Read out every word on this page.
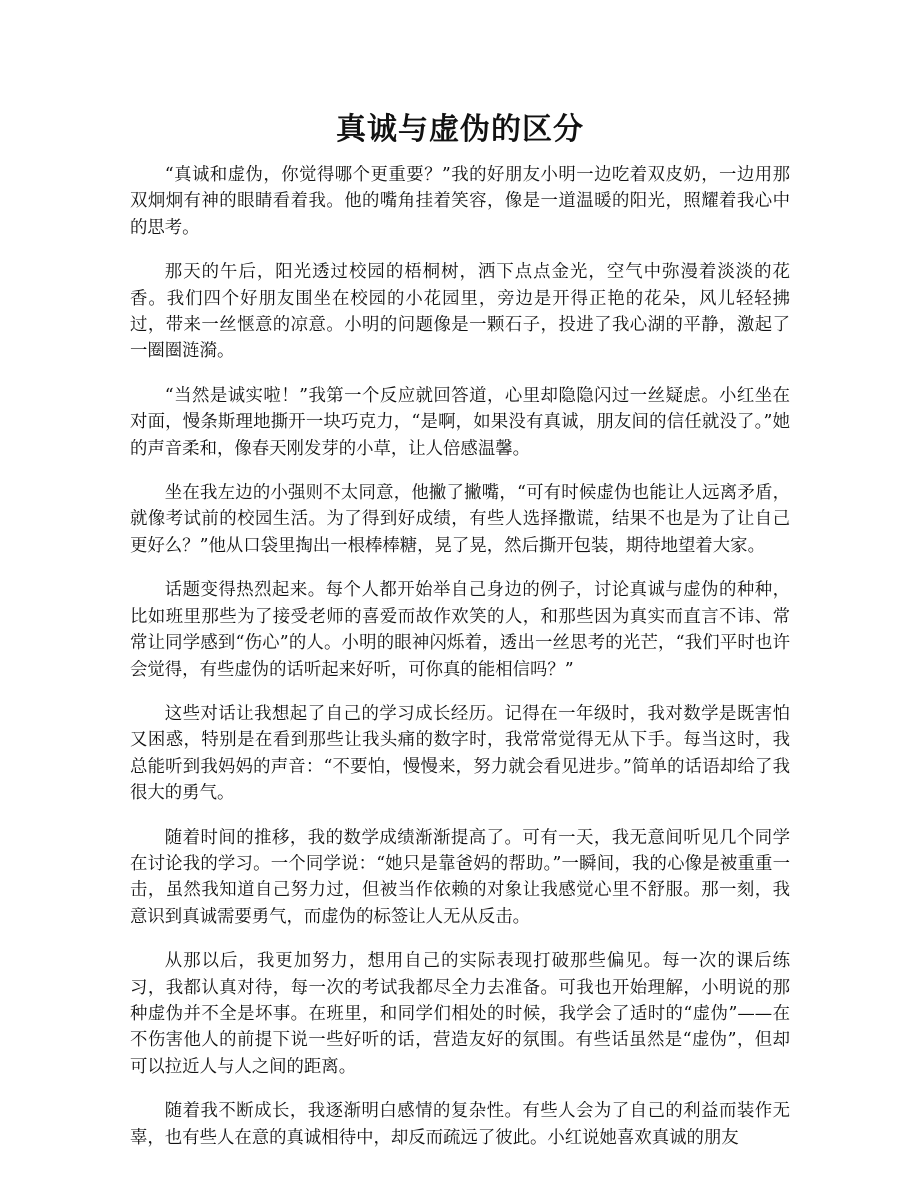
真诚与虚伪的区分

“真诚和虚伪，你觉得哪个更重要？”我的好朋友小明一边吃着双皮奶，一边用那双炯炯有神的眼睛看着我。他的嘴角挂着笑容，像是一道温暖的阳光，照耀着我心中的思考。

那天的午后，阳光透过校园的梧桐树，洒下点点金光，空气中弥漫着淡淡的花香。我们四个好朋友围坐在校园的小花园里，旁边是开得正艳的花朵，风儿轻轻拂过，带来一丝惬意的凉意。小明的问题像是一颗石子，投进了我心湖的平静，激起了一圈圈涟漪。

“当然是诚实啦！”我第一个反应就回答道，心里却隐隐闪过一丝疑虑。小红坐在对面，慢条斯理地撕开一块巧克力，“是啊，如果没有真诚，朋友间的信任就没了。”她的声音柔和，像春天刚发芽的小草，让人倍感温馨。

坐在我左边的小强则不太同意，他撇了撇嘴，“可有时候虚伪也能让人远离矛盾，就像考试前的校园生活。为了得到好成绩，有些人选择撒谎，结果不也是为了让自己更好么？”他从口袋里掏出一根棒棒糖，晃了晃，然后撕开包装，期待地望着大家。

话题变得热烈起来。每个人都开始举自己身边的例子，讨论真诚与虚伪的种种，比如班里那些为了接受老师的喜爱而故作欢笑的人，和那些因为真实而直言不讳、常常让同学感到“伤心”的人。小明的眼神闪烁着，透出一丝思考的光芒，“我们平时也许会觉得，有些虚伪的话听起来好听，可你真的能相信吗？”

这些对话让我想起了自己的学习成长经历。记得在一年级时，我对数学是既害怕又困惑，特别是在看到那些让我头痛的数字时，我常常觉得无从下手。每当这时，我总能听到我妈妈的声音：“不要怕，慢慢来，努力就会看见进步。”简单的话语却给了我很大的勇气。

随着时间的推移，我的数学成绩渐渐提高了。可有一天，我无意间听见几个同学在讨论我的学习。一个同学说：“她只是靠爸妈的帮助。”一瞬间，我的心像是被重重一击，虽然我知道自己努力过，但被当作依赖的对象让我感觉心里不舒服。那一刻，我意识到真诚需要勇气，而虚伪的标签让人无从反击。

从那以后，我更加努力，想用自己的实际表现打破那些偏见。每一次的课后练习，我都认真对待，每一次的考试我都尽全力去准备。可我也开始理解，小明说的那种虚伪并不全是坏事。在班里，和同学们相处的时候，我学会了适时的“虚伪”——在不伤害他人的前提下说一些好听的话，营造友好的氛围。有些话虽然是“虚伪”，但却可以拉近人与人之间的距离。

随着我不断成长，我逐渐明白感情的复杂性。有些人会为了自己的利益而装作无辜，也有些人在意的真诚相待中，却反而疏远了彼此。小红说她喜欢真诚的朋友
